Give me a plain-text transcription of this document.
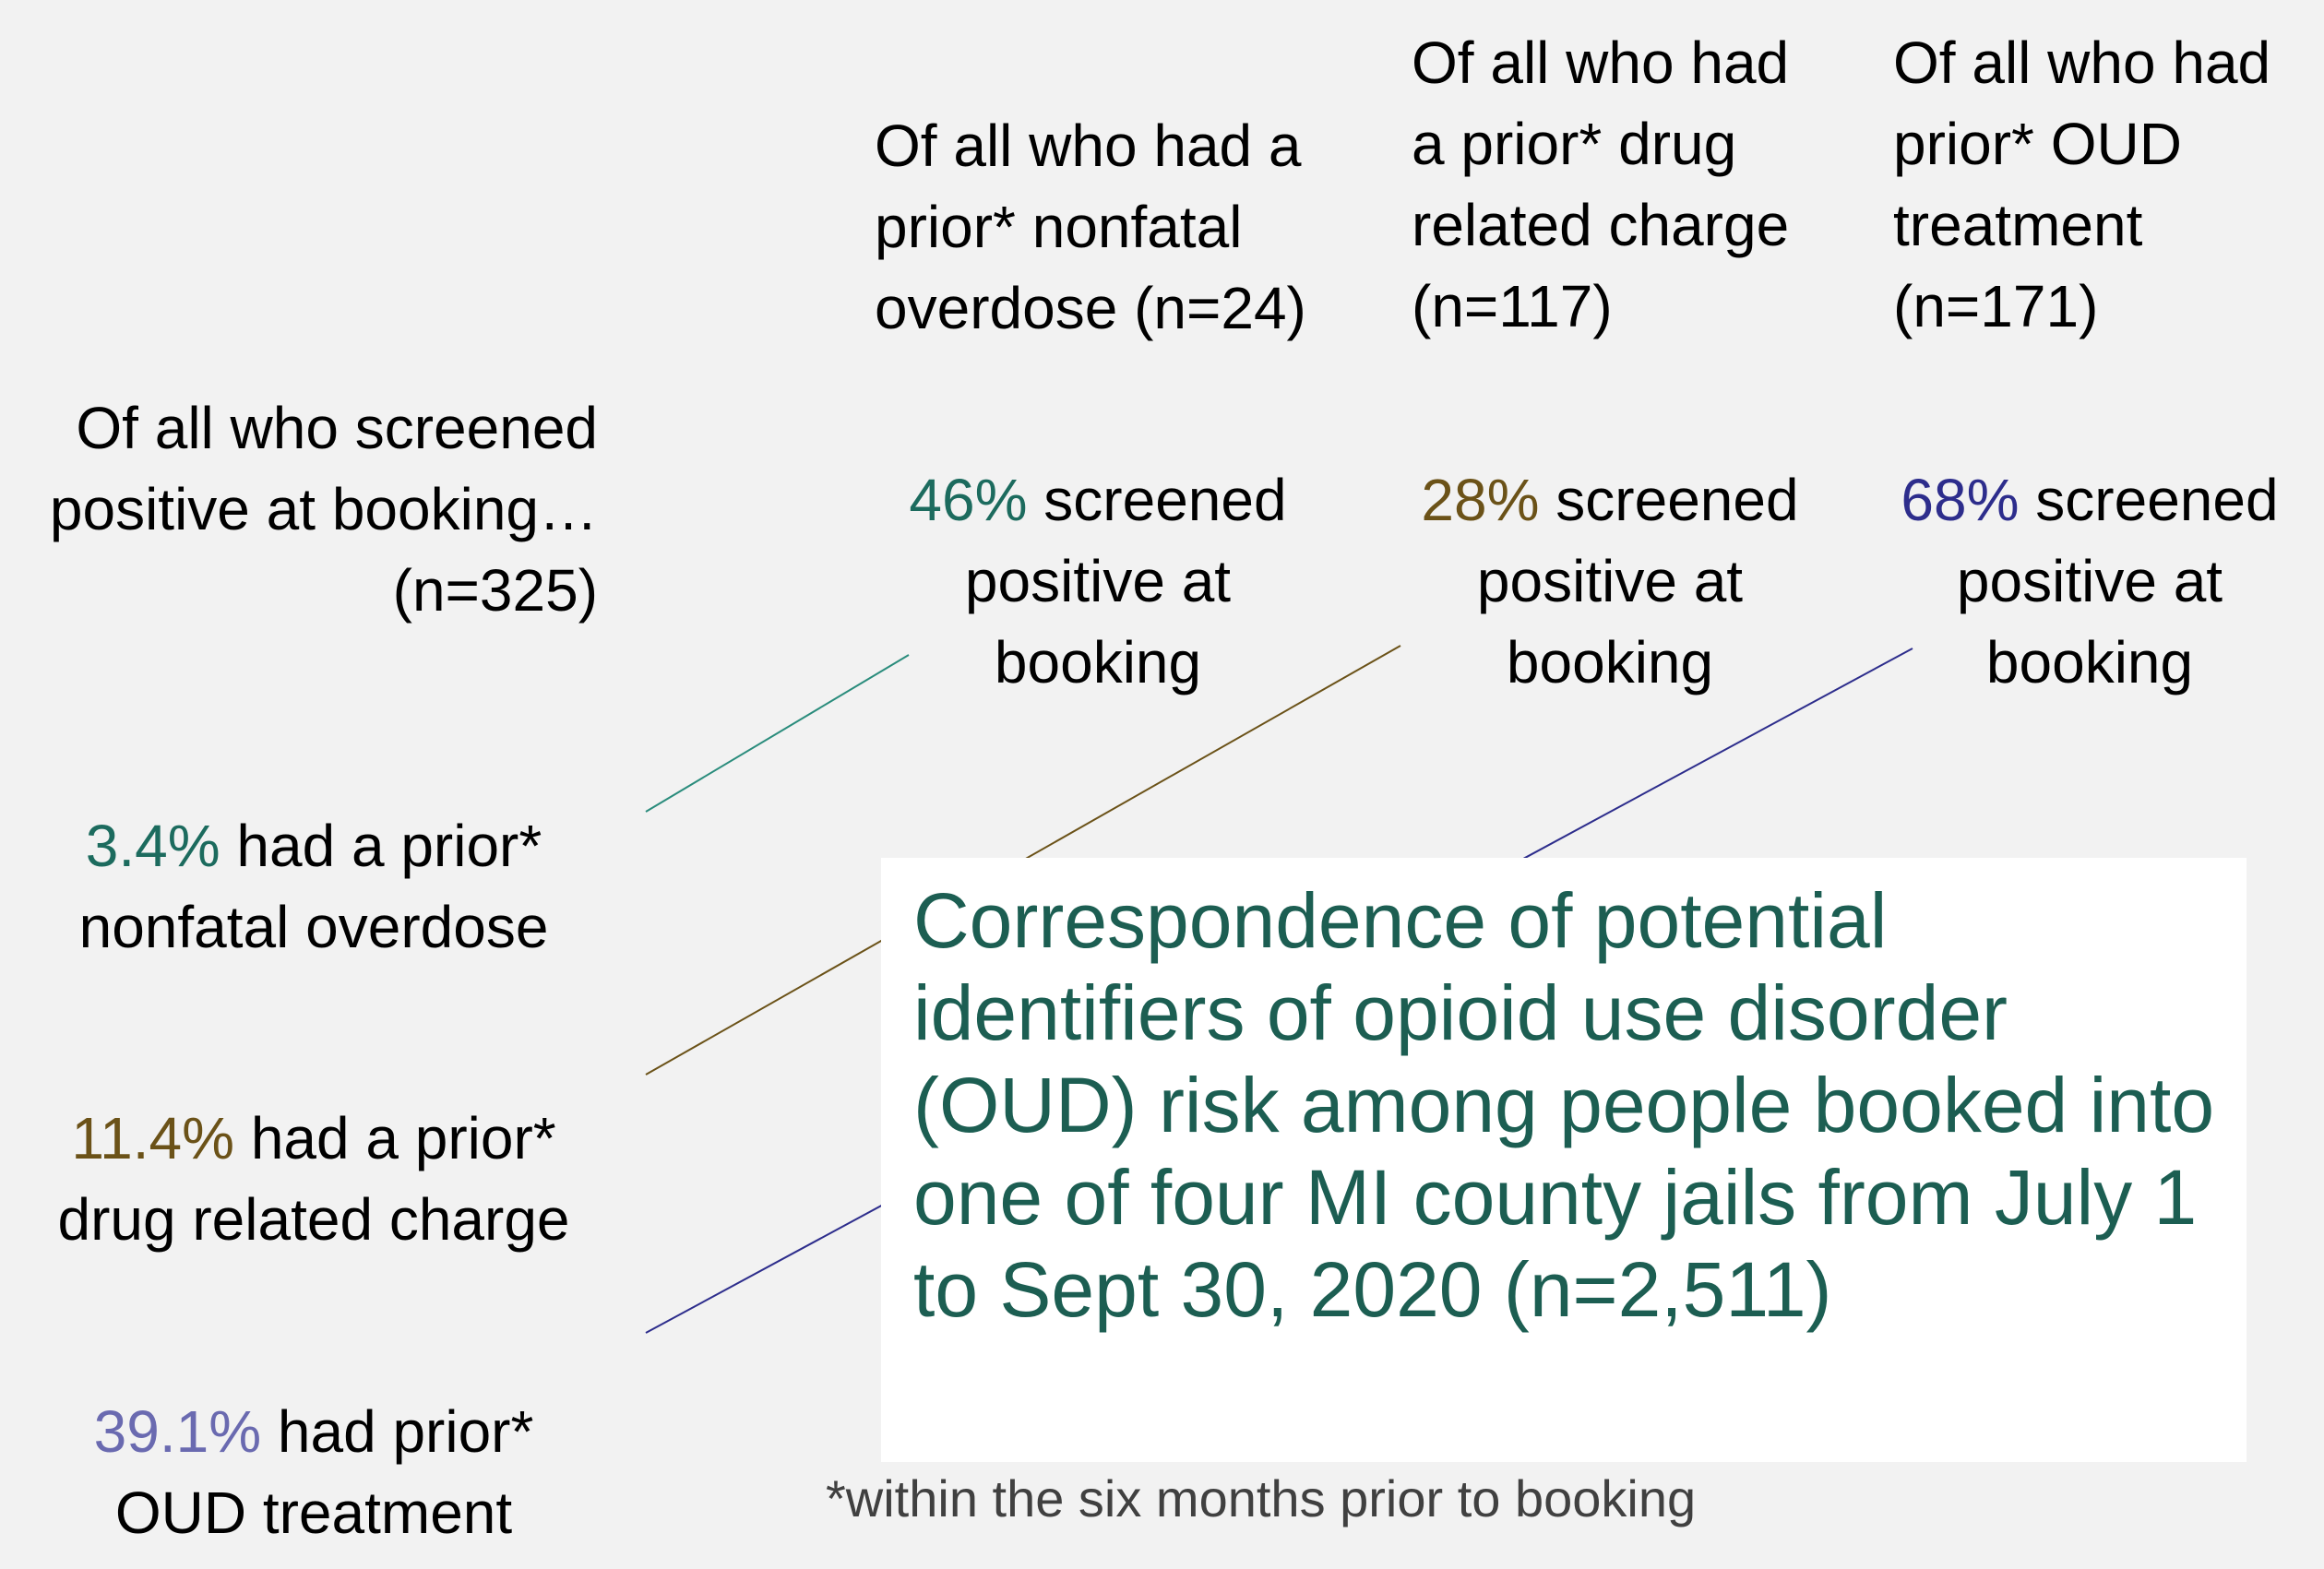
Of all who screened
positive at booking…
(n=325)
Of all who had a
prior* nonfatal
overdose (n=24)
Of all who had
a prior* drug
related charge
(n=117)
Of all who had
prior* OUD
treatment
(n=171)

46% screened
positive at
booking

28% screened
positive at
booking

68% screened
positive at
booking

3.4% had a prior*
nonfatal overdose

11.4% had a prior*
drug related charge

39.1% had prior*
OUD treatment

Correspondence of potential
identifiers of opioid use disorder
(OUD) risk among people booked into
one of four MI county jails from July 1
to Sept 30, 2020 (n=2,511)
*within the six months prior to booking
